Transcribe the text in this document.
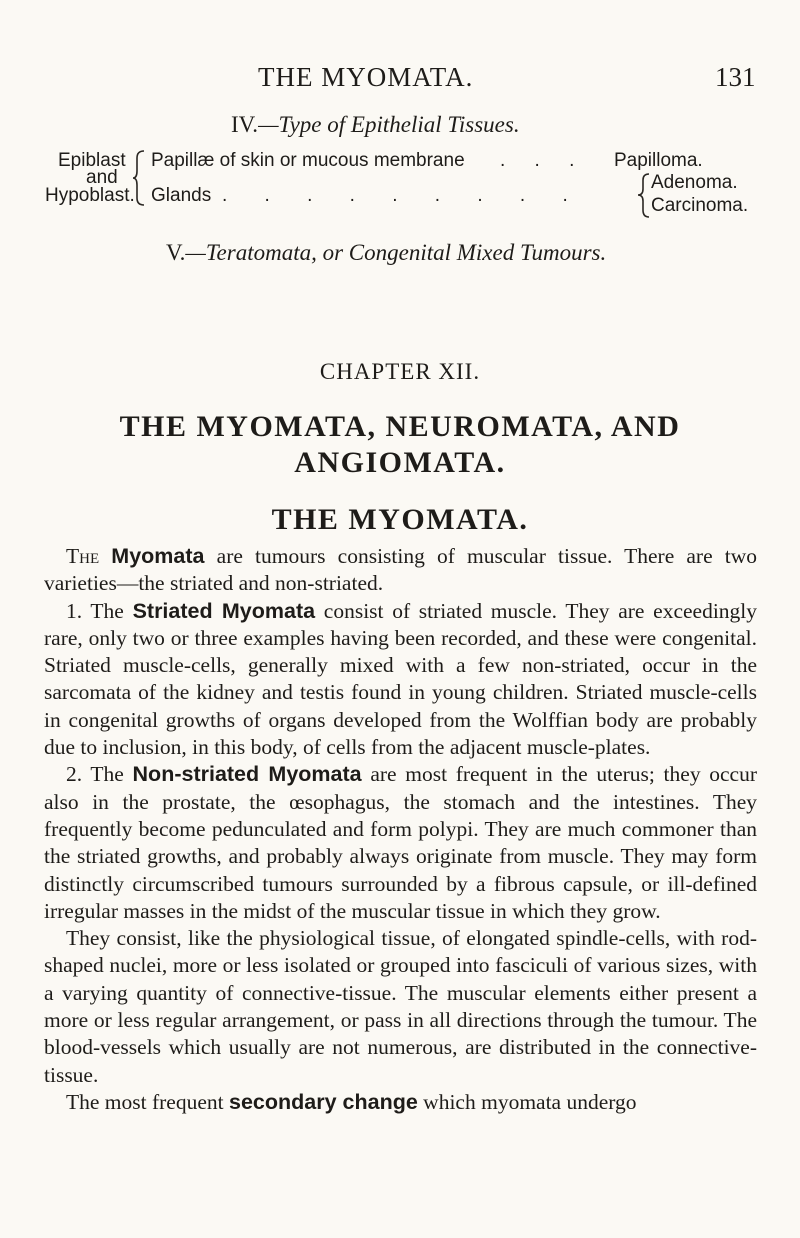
THE MYOMATA.	131
IV.—Type of Epithelial Tissues.
Epiblast
and
Hypoblast.
Papillæ of skin or mucous membrane . . . Papilloma.
Glands . . . . . . . . .
Adenoma.
Carcinoma.
V.—Teratomata, or Congenital Mixed Tumours.
CHAPTER XII.
THE MYOMATA, NEUROMATA, AND
ANGIOMATA.
THE MYOMATA.

The Myomata are tumours consisting of muscular tissue. There are two varieties—the striated and non-striated.

1. The Striated Myomata consist of striated muscle. They are exceedingly rare, only two or three examples having been recorded, and these were congenital. Striated muscle-cells, generally mixed with a few non-striated, occur in the sarcomata of the kidney and testis found in young children. Striated muscle-cells in congenital growths of organs developed from the Wolffian body are probably due to inclusion, in this body, of cells from the adjacent muscle-plates.

2. The Non-striated Myomata are most frequent in the uterus; they occur also in the prostate, the œsophagus, the stomach and the intestines. They frequently become pedunculated and form polypi. They are much commoner than the striated growths, and probably always originate from muscle. They may form distinctly circumscribed tumours surrounded by a fibrous capsule, or ill-defined irregular masses in the midst of the muscular tissue in which they grow.

They consist, like the physiological tissue, of elongated spindle-cells, with rod-shaped nuclei, more or less isolated or grouped into fasciculi of various sizes, with a varying quantity of connective-tissue. The muscular elements either present a more or less regular arrangement, or pass in all directions through the tumour. The blood-vessels which usually are not numerous, are distributed in the connective-tissue.

The most frequent secondary change which myomata undergo
